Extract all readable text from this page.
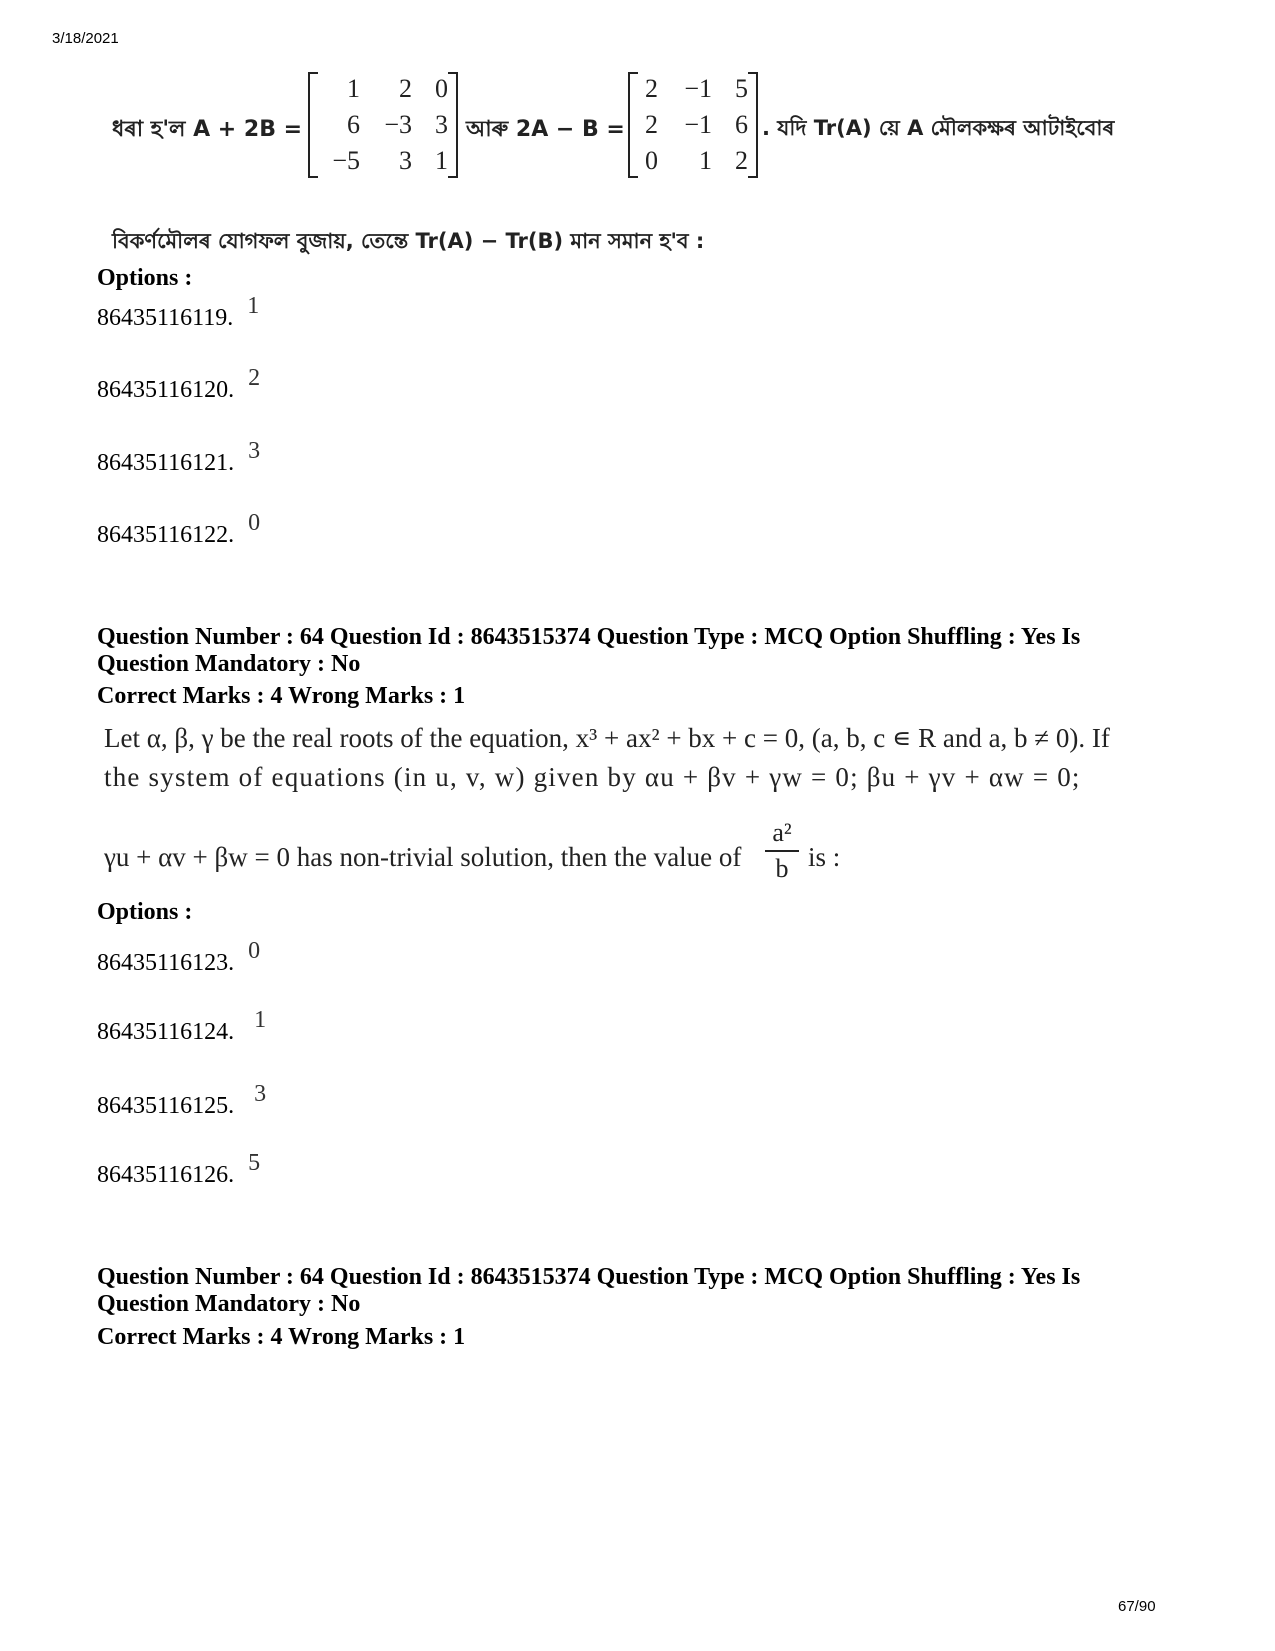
3/18/2021
67/90
ধৰা হ'ল A + 2B =
1	2 0
6 −3 3
−5	3 1
আৰু 2A − B =
2	−1 5
2	−1 6
0	1 2
. যদি Tr(A) য়ে A মৌলকক্ষৰ আটাইবোৰ
বিকৰ্ণমৌলৰ যোগফল বুজায়, তেন্তে Tr(A) − Tr(B) মান সমান হ'ব :
Options :
86435116119. 1
86435116120. 2
86435116121. 3
86435116122. 0
Question Number : 64 Question Id : 8643515374 Question Type : MCQ Option Shuffling : Yes Is
Question Mandatory : No
Correct Marks : 4 Wrong Marks : 1
Let α, β, γ be the real roots of the equation, x³ + ax² + bx + c = 0, (a, b, c ∊ R and a, b ≠ 0). If
the system of equations (in u, v, w) given by αu + βv + γw = 0; βu + γv + αw = 0;
γu + αv + βw = 0 has non-trivial solution, then the value of
a²
b is :
Options :
86435116123. 0
86435116124. 1
86435116125. 3
86435116126. 5
Question Number : 64 Question Id : 8643515374 Question Type : MCQ Option Shuffling : Yes Is
Question Mandatory : No
Correct Marks : 4 Wrong Marks : 1
